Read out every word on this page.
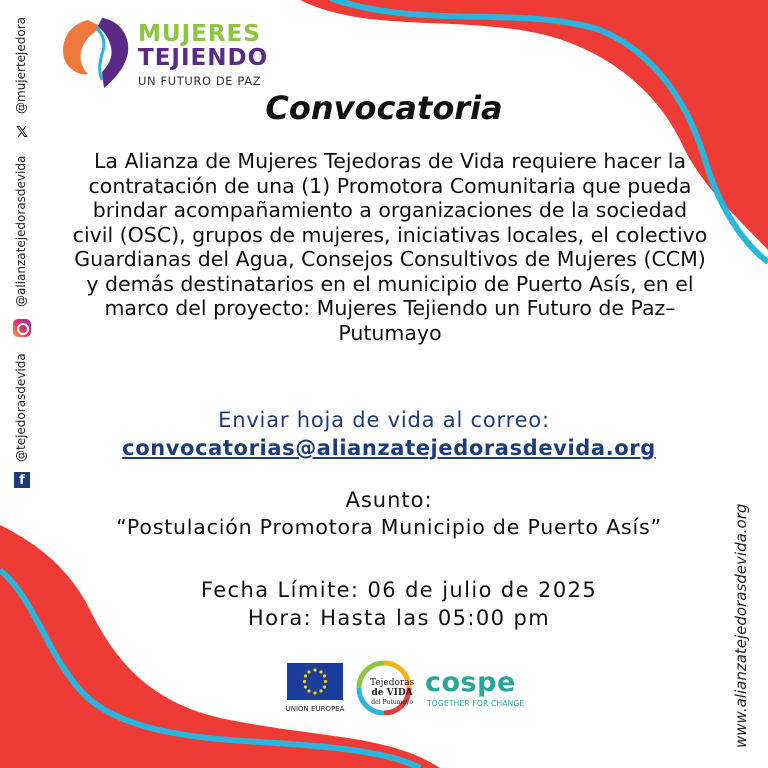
MUJERES
TEJIENDO
UN FUTURO DE PAZ
𝕏
@mujertejedora
@alianzatejedorasdevida
f
@tejedorasdevida
www.alianzatejedorasdevida.org
Convocatoria
La Alianza de Mujeres Tejedoras de Vida requiere hacer la contratación de una (1) Promotora Comunitaria que pueda brindar acompañamiento a organizaciones de la sociedad civil (OSC), grupos de mujeres, iniciativas locales, el colectivo Guardianas del Agua, Consejos Consultivos de Mujeres (CCM) y demás destinatarios en el municipio de Puerto Asís, en el marco del proyecto: Mujeres Tejiendo un Futuro de Paz– Putumayo
Enviar hoja de vida al correo:
convocatorias@alianzatejedorasdevida.org
Asunto:
“Postulación Promotora Municipio de Puerto Asís”
Fecha Límite: 06 de julio de 2025
Hora: Hasta las 05:00 pm
UNIÓN EUROPEA
Tejedoras
de VIDA
del Putumayo
cospe
TOGETHER FOR CHANGE
